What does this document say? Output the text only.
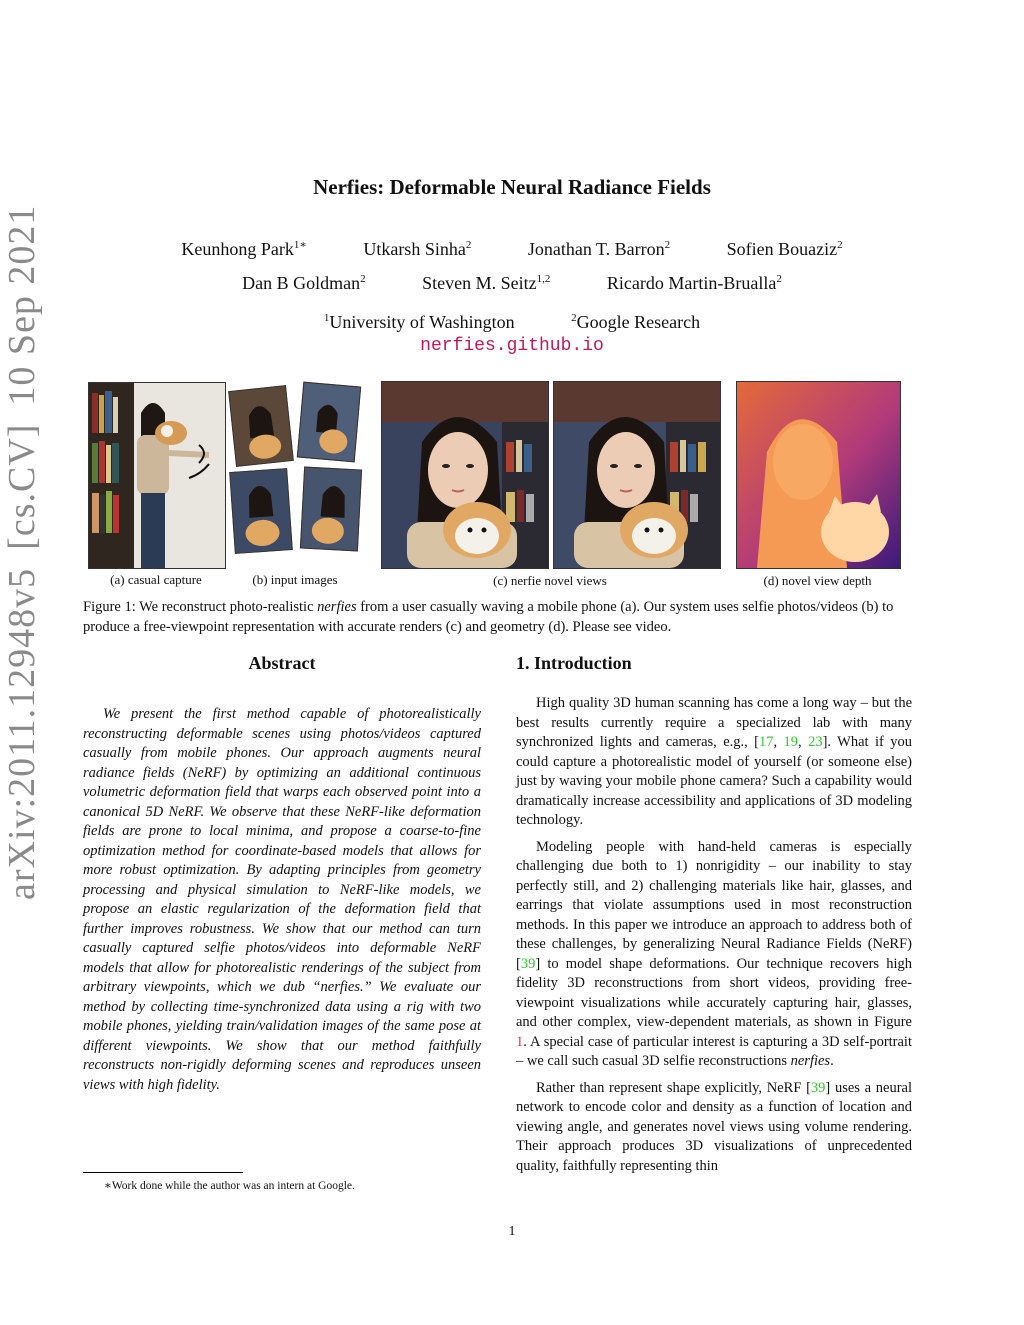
arXiv:2011.12948v5[cs.CV]10 Sep 2021
Nerfies: Deformable Neural Radiance Fields
Keunhong Park$^{1∗}$	Utkarsh Sinha$^2$	Jonathan T. Barron$^2$	Sofien Bouaziz$^2$
Dan B Goldman$^2$	Steven M. Seitz$^{1,2}$	Ricardo Martin-Brualla$^2$
$^1$University of Washington	$^2$Google Research
nerfies.github.io
(a) casual capture	(b) input images	(c) nerfie novel views	(d) novel view depth
Figure 1: We reconstruct photo-realistic nerfies from a user casually waving a mobile phone (a). Our system uses selfie photos/videos (b) to produce a free-viewpoint representation with accurate renders (c) and geometry (d). Please see video.
Abstract

We present the first method capable of photorealistically reconstructing deformable scenes using photos/videos captured casually from mobile phones. Our approach augments neural radiance fields (NeRF) by optimizing an additional continuous volumetric deformation field that warps each observed point into a canonical 5D NeRF. We observe that these NeRF-like deformation fields are prone to local minima, and propose a coarse-to-fine optimization method for coordinate-based models that allows for more robust optimization. By adapting principles from geometry processing and physical simulation to NeRF-like models, we propose an elastic regularization of the deformation field that further improves robustness. We show that our method can turn casually captured selfie photos/videos into deformable NeRF models that allow for photorealistic renderings of the subject from arbitrary viewpoints, which we dub “nerfies.” We evaluate our method by collecting time-synchronized data using a rig with two mobile phones, yielding train/validation images of the same pose at different viewpoints. We show that our method faithfully reconstructs non-rigidly deforming scenes and reproduces unseen views with high fidelity.

1. Introduction

High quality 3D human scanning has come a long way – but the best results currently require a specialized lab with many synchronized lights and cameras, e.g., [17, 19, 23]. What if you could capture a photorealistic model of yourself (or someone else) just by waving your mobile phone camera? Such a capability would dramatically increase accessibility and applications of 3D modeling technology.

Modeling people with hand-held cameras is especially challenging due both to 1) nonrigidity – our inability to stay perfectly still, and 2) challenging materials like hair, glasses, and earrings that violate assumptions used in most reconstruction methods. In this paper we introduce an approach to address both of these challenges, by generalizing Neural Radiance Fields (NeRF) [39] to model shape deformations. Our technique recovers high fidelity 3D reconstructions from short videos, providing free-viewpoint visualizations while accurately capturing hair, glasses, and other complex, view-dependent materials, as shown in Figure 1. A special case of particular interest is capturing a 3D self-portrait – we call such casual 3D selfie reconstructions nerfies.

Rather than represent shape explicitly, NeRF [39] uses a neural network to encode color and density as a function of location and viewing angle, and generates novel views using volume rendering. Their approach produces 3D visualizations of unprecedented quality, faithfully representing thin

∗Work done while the author was an intern at Google.
1
